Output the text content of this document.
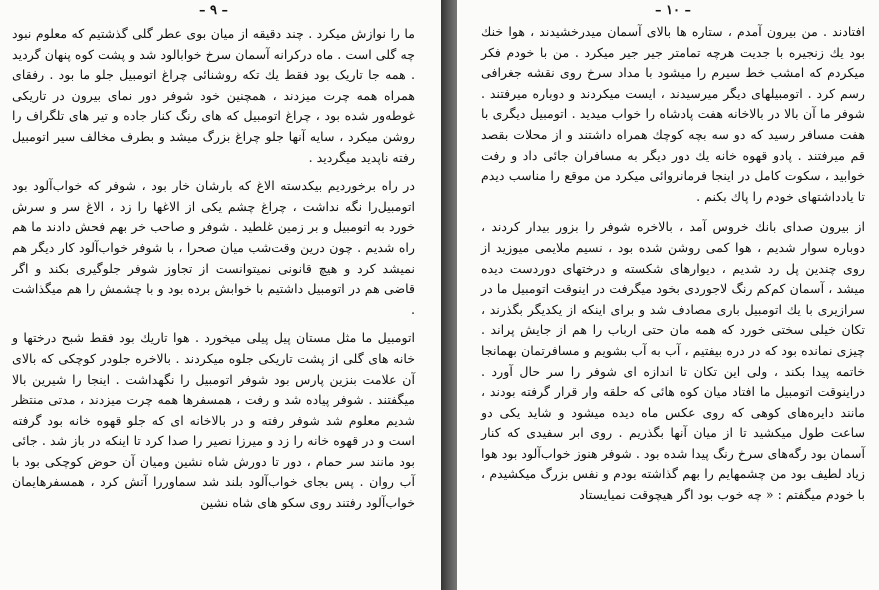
– ۹ –

ما را نوازش میکرد . چند دقیقه از میان بوی عطر گلی گذشتیم که معلوم نبود چه گلی است . ماه درکرانه آسمان سرخ خوابالود شد و پشت کوه پنهان گردید . همه جا تاریک بود فقط یك تکه روشنائی چراغ اتومبیل جلو ما بود . رفقای همراه همه چرت میزدند ، همچنین خود شوفر دور نمای بیرون در تاریکی غوطه‌ور شده بود ، چراغ اتومبیل که های رنگ کنار جاده و تیر های تلگراف را روشن میکرد ، سایه آنها جلو چراغ بزرگ میشد و بطرف مخالف سیر اتومبیل رفته ناپدید میگردید .

در راه برخوردیم بیکدسته الاغ که بارشان خار بود ، شوفر که خواب‌آلود بود اتومبیل‌را نگه نداشت ، چراغ چشم یکی از الاغها را زد ، الاغ سر و سرش خورد به اتومبیل و بر زمین غلطید . شوفر و صاحب خر بهم فحش دادند ما هم راه شدیم . چون درین وقت‌شب میان صحرا ، با شوفر خواب‌آلود کار دیگر هم نمیشد کرد و هیچ قانونی نمیتوانست از تجاوز شوفر جلوگیری بکند و اگر قاضی هم در اتومبیل داشتیم با خوابش برده بود و با چشمش را هم میگذاشت .

اتومبیل ما مثل مستان پیل پیلی میخورد . هوا تاریك بود فقط شبح درختها و خانه های گلی از پشت تاریکی جلوه میکردند . بالاخره جلودر کوچکی که بالای آن علامت بنزین پارس بود شوفر اتومبیل را نگهداشت . اینجا را شیرین بالا میگفتند . شوفر پیاده شد و رفت ، همسفرها همه چرت میزدند ، مدتی منتظر شدیم معلوم شد شوفر رفته و در بالاخانه ای که جلو قهوه خانه بود گرفته است و در قهوه خانه را زد و میرزا نصیر را صدا کرد تا اینکه در باز شد . جائی بود مانند سر حمام ، دور تا دورش شاه نشین ومیان آن حوض کوچکی بود با آب روان . پس بجای خواب‌آلود بلند شد سماوررا آتش کرد ، همسفرهایمان خواب‌آلود رفتند روی سکو های شاه نشین

– ۱۰ –

افتادند . من بیرون آمدم ، ستاره ها بالای آسمان میدرخشیدند ، هوا خنك بود یك زنجیره با جدیت هرچه تمامتر جیر جیر میکرد . من با خودم فکر میکردم که امشب خط سیرم را میشود با مداد سرخ روی نقشه جغرافی رسم کرد . اتومبیلهای دیگر میرسیدند ، ایست میکردند و دوباره میرفتند . شوفر ما آن بالا در بالاخانه هفت پادشاه را خواب میدید . اتومبیل دیگری با هفت مسافر رسید که دو سه بچه کوچك همراه داشتند و از محلات بقصد قم میرفتند . پادو قهوه خانه یك دور دیگر به مسافران جائی داد و رفت خوابید ، سکوت کامل در اینجا فرمانروائی میکرد من موقع را مناسب دیدم تا یادداشتهای خودم را پاك بکنم .

از بیرون صدای بانك خروس آمد ، بالاخره شوفر را بزور بیدار کردند ، دوباره سوار شدیم ، هوا کمی روشن شده بود ، نسیم ملایمی میوزید از روی چندین پل رد شدیم ، دیوارهای شکسته و درختهای دوردست دیده میشد ، آسمان کم‌کم رنگ لاجوردی بخود میگرفت در اینوقت اتومبیل ما در سرازیری با یك اتومبیل باری مصادف شد و برای اینکه از یکدیگر بگذرند ، تکان خیلی سختی خورد که همه مان حتی ارباب را هم از جایش پراند . چیزی نمانده بود که در دره بیفتیم ، آب به آب بشویم و مسافرتمان بهمانجا خاتمه پیدا بکند ، ولی این تکان تا اندازه ای شوفر را سر حال آورد . دراینوقت اتومبیل ما افتاد میان کوه هائی که حلقه وار قرار گرفته بودند ، مانند دایره‌های کوهی که روی عکس ماه دیده میشود و شاید یکی دو ساعت طول میکشید تا از میان آنها بگذریم . روی ابر سفیدی که کنار آسمان بود رگه‌های سرخ رنگ پیدا شده بود . شوفر هنوز خواب‌آلود بود هوا زیاد لطیف بود من چشمهایم را بهم گذاشته بودم و نفس بزرگ میکشیدم ، با خودم میگفتم : « چه خوب بود اگر هیچوقت نمیایستاد
